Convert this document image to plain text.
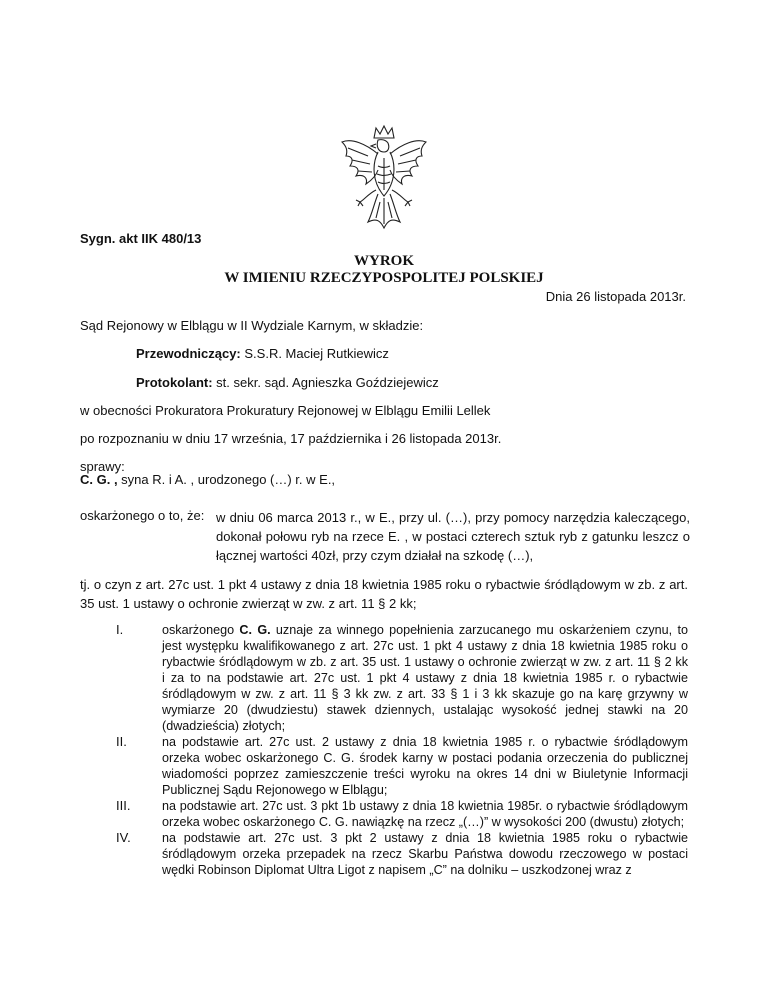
Sygn. akt IIK 480/13
WYROK
W IMIENIU RZECZYPOSPOLITEJ POLSKIEJ
Dnia 26 listopada 2013r.
Sąd Rejonowy w Elblągu w II Wydziale Karnym, w składzie:
Przewodniczący: S.S.R. Maciej Rutkiewicz
Protokolant: st. sekr. sąd. Agnieszka Goździejewicz
w obecności Prokuratora Prokuratury Rejonowej w Elblągu Emilii Lellek
po rozpoznaniu w dniu 17 września, 17 października i 26 listopada 2013r.
sprawy:
C. G. , syna R. i A. , urodzonego (…) r. w E.,
oskarżonego o to, że: w dniu 06 marca 2013 r., w E., przy ul. (…), przy pomocy narzędzia kaleczącego, dokonał połowu ryb na rzece E. , w postaci czterech sztuk ryb z gatunku leszcz o łącznej wartości 40zł, przy czym działał na szkodę (…),
tj. o czyn z art. 27c ust. 1 pkt 4 ustawy z dnia 18 kwietnia 1985 roku o rybactwie śródlądowym w zb. z art. 35 ust. 1 ustawy o ochronie zwierząt w zw. z art. 11 § 2 kk;
I.	oskarżonego C. G. uznaje za winnego popełnienia zarzucanego mu oskarżeniem czynu, to jest występku kwalifikowanego z art. 27c ust. 1 pkt 4 ustawy z dnia 18 kwietnia 1985 roku o rybactwie śródlądowym w zb. z art. 35 ust. 1 ustawy o ochronie zwierząt w zw. z art. 11 § 2 kk i za to na podstawie art. 27c ust. 1 pkt 4 ustawy z dnia 18 kwietnia 1985 r. o rybactwie śródlądowym w zw. z art. 11 § 3 kk zw. z art. 33 § 1 i 3 kk skazuje go na karę grzywny w wymiarze 20 (dwudziestu) stawek dziennych, ustalając wysokość jednej stawki na 20 (dwadzieścia) złotych;
II.	na podstawie art. 27c ust. 2 ustawy z dnia 18 kwietnia 1985 r. o rybactwie śródlądowym orzeka wobec oskarżonego C. G. środek karny w postaci podania orzeczenia do publicznej wiadomości poprzez zamieszczenie treści wyroku na okres 14 dni w Biuletynie Informacji Publicznej Sądu Rejonowego w Elblągu;
III.	na podstawie art. 27c ust. 3 pkt 1b ustawy z dnia 18 kwietnia 1985r. o rybactwie śródlądowym orzeka wobec oskarżonego C. G. nawiązkę na rzecz „(…)” w wysokości 200 (dwustu) złotych;
IV. na podstawie art. 27c ust. 3 pkt 2 ustawy z dnia 18 kwietnia 1985 roku o rybactwie śródlądowym orzeka przepadek na rzecz Skarbu Państwa dowodu rzeczowego w postaci wędki Robinson Diplomat Ultra Ligot z napisem „C” na dolniku – uszkodzonej wraz z
